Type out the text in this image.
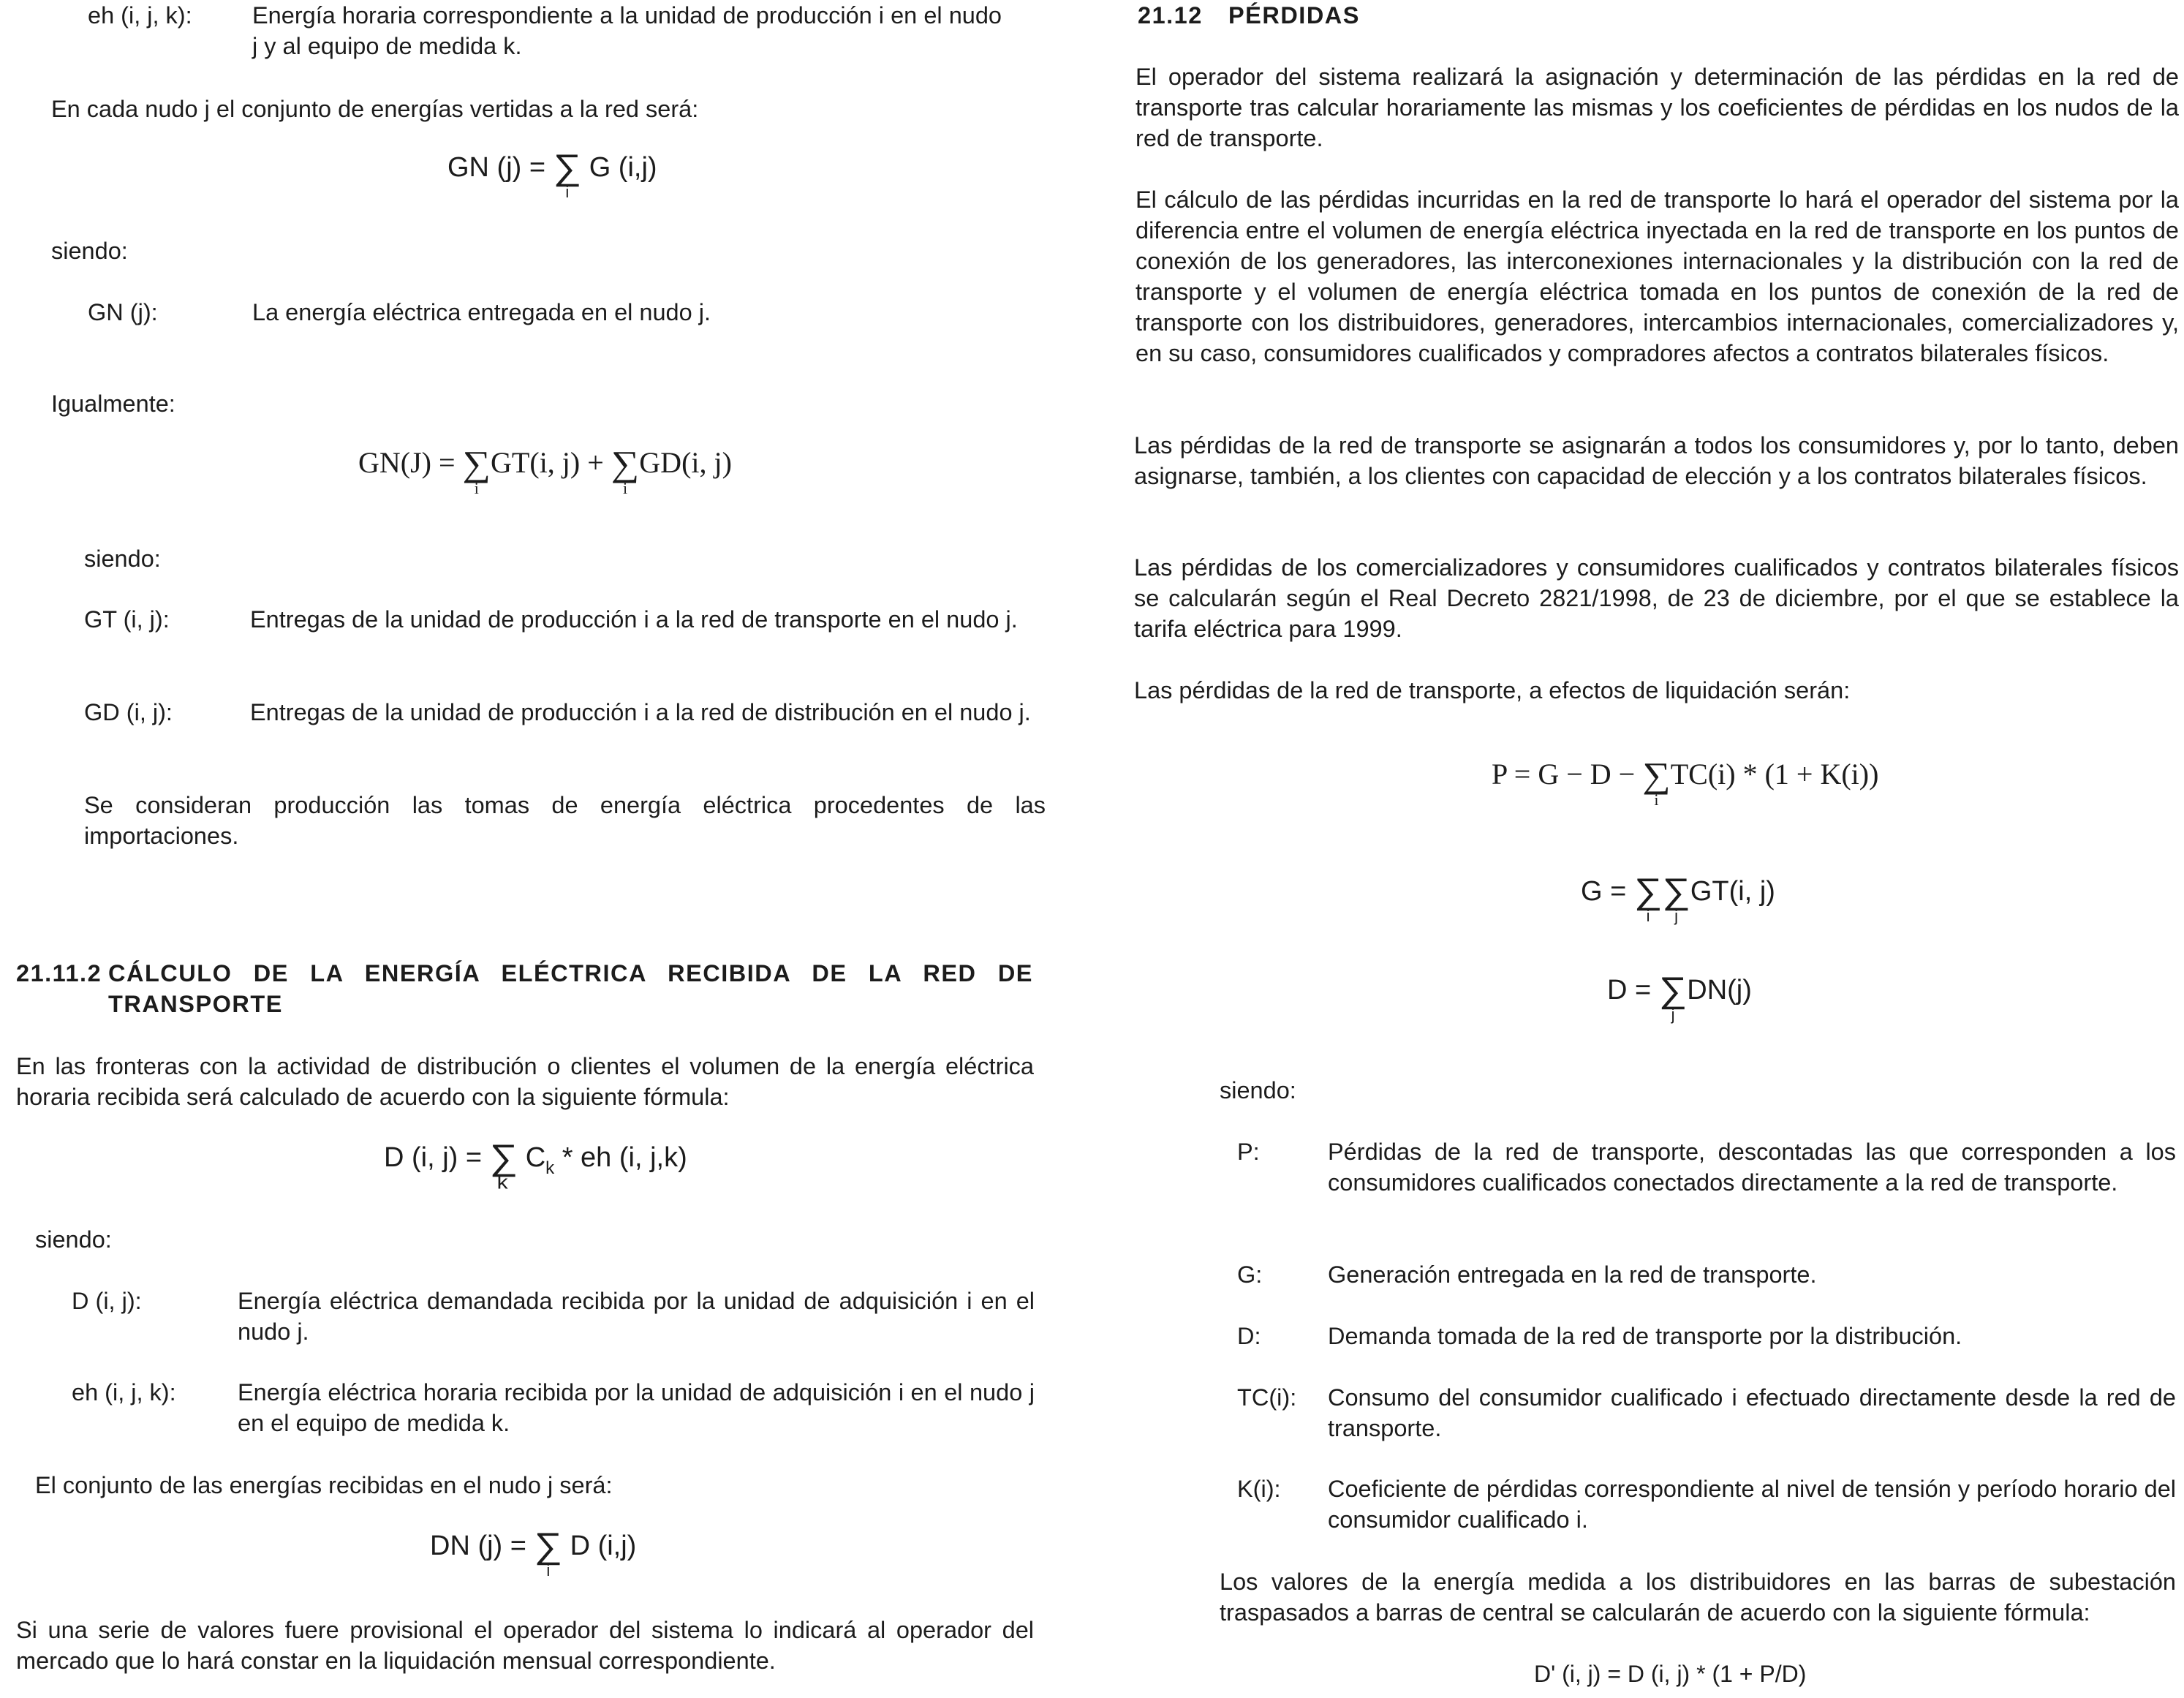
eh (i, j, k):	Energía horaria correspondiente a la unidad de producción i en el nudo j y al equipo de medida k.
En cada nudo j el conjunto de energías vertidas a la red será:
GN (j) = ∑
i
G (i,j)
siendo:
GN (j):	La energía eléctrica entregada en el nudo j.
Igualmente:
GN(J) = ∑
i
GT(i, j) + ∑
i
GD(i, j)
siendo:
GT (i, j):	Entregas de la unidad de producción i a la red de transporte en el nudo j.
GD (i, j):	Entregas de la unidad de producción i a la red de distribución en el nudo j.
Se consideran producción las tomas de energía eléctrica procedentes de las importaciones.
21.11.2 CÁLCULO DE LA ENERGÍA ELÉCTRICA RECIBIDA DE LA RED DE TRANSPORTE
En las fronteras con la actividad de distribución o clientes el volumen de la energía eléctrica horaria recibida será calculado de acuerdo con la siguiente fórmula:
D (i, j) = ∑
k
$C_k$ * eh (i, j,k)
siendo:
D (i, j):	Energía eléctrica demandada recibida por la unidad de adquisición i en el nudo j.
eh (i, j, k):	Energía eléctrica horaria recibida por la unidad de adquisición i en el nudo j en el equipo de medida k.
El conjunto de las energías recibidas en el nudo j será:
DN (j) = ∑
i
D (i,j)
Si una serie de valores fuere provisional el operador del sistema lo indicará al operador del mercado que lo hará constar en la liquidación mensual correspondiente.
21.12 PÉRDIDAS
El operador del sistema realizará la asignación y determinación de las pérdidas en la red de transporte tras calcular horariamente las mismas y los coeficientes de pérdidas en los nudos de la red de transporte.
El cálculo de las pérdidas incurridas en la red de transporte lo hará el operador del sistema por la diferencia entre el volumen de energía eléctrica inyectada en la red de transporte en los puntos de conexión de los generadores, las interconexiones internacionales y la distribución con la red de transporte y el volumen de energía eléctrica tomada en los puntos de conexión de la red de transporte con los distribuidores, generadores, intercambios internacionales, comercializadores y, en su caso, consumidores cualificados y compradores afectos a contratos bilaterales físicos.
Las pérdidas de la red de transporte se asignarán a todos los consumidores y, por lo tanto, deben asignarse, también, a los clientes con capacidad de elección y a los contratos bilaterales físicos.
Las pérdidas de los comercializadores y consumidores cualificados y contratos bilaterales físicos se calcularán según el Real Decreto 2821/1998, de 23 de diciembre, por el que se establece la tarifa eléctrica para 1999.
Las pérdidas de la red de transporte, a efectos de liquidación serán:
P = G − D − ∑
i
TC(i) * (1 + K(i))
G = ∑
i
∑
j
GT(i, j)
D = ∑
j
DN(j)
siendo:
P:	Pérdidas de la red de transporte, descontadas las que corresponden a los consumidores cualificados conectados directamente a la red de transporte.
G:	Generación entregada en la red de transporte.
D:	Demanda tomada de la red de transporte por la distribución.
TC(i): Consumo del consumidor cualificado i efectuado directamente desde la red de transporte.
K(i): Coeficiente de pérdidas correspondiente al nivel de tensión y período horario del consumidor cualificado i.
Los valores de la energía medida a los distribuidores en las barras de subestación traspasados a barras de central se calcularán de acuerdo con la siguiente fórmula:
D' (i, j) = D (i, j) * (1 + P/D)
